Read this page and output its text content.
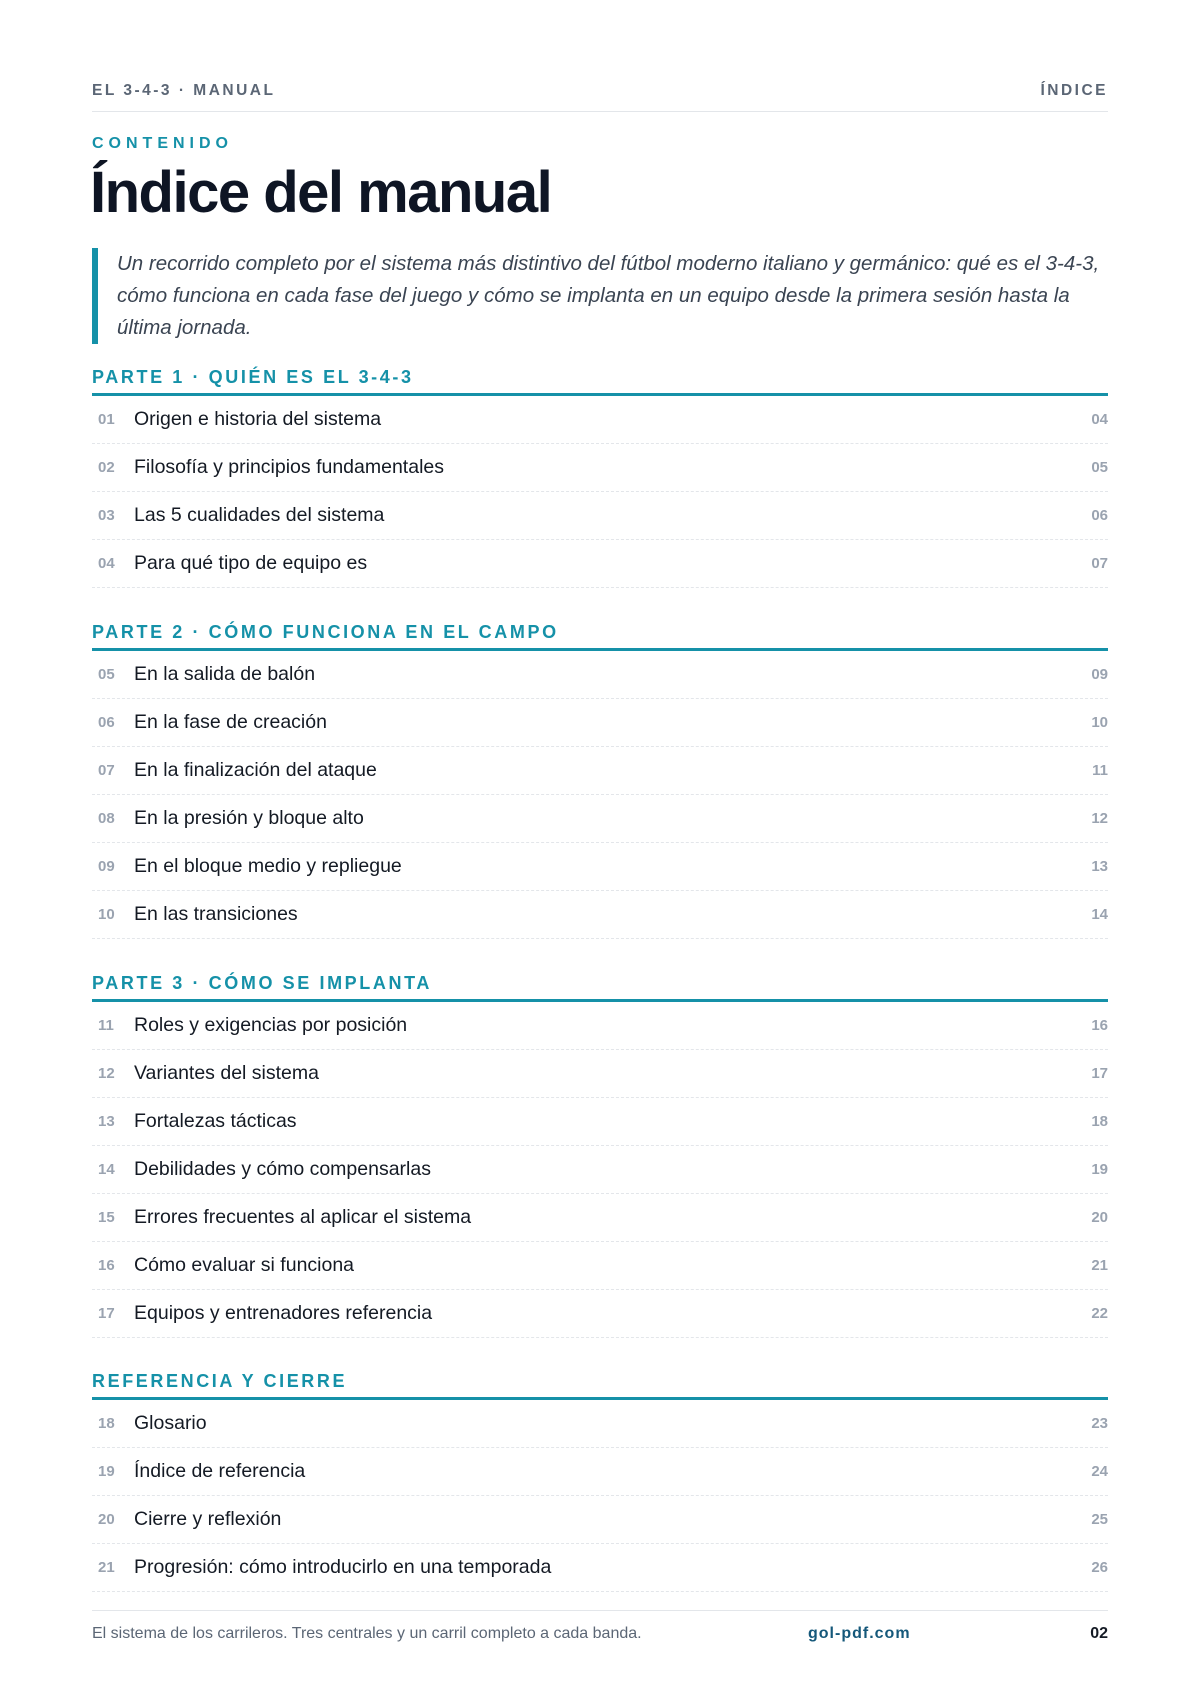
EL 3-4-3 · MANUAL	ÍNDICE
CONTENIDO
Índice del manual
Un recorrido completo por el sistema más distintivo del fútbol moderno italiano y germánico: qué es el 3-4-3, cómo funciona en cada fase del juego y cómo se implanta en un equipo desde la primera sesión hasta la última jornada.
PARTE 1 · QUIÉN ES EL 3-4-3
01 Origen e historia del sistema	04
02 Filosofía y principios fundamentales	05
03 Las 5 cualidades del sistema	06
04 Para qué tipo de equipo es	07
PARTE 2 · CÓMO FUNCIONA EN EL CAMPO
05 En la salida de balón	09
06 En la fase de creación	10
07 En la finalización del ataque	11
08 En la presión y bloque alto	12
09 En el bloque medio y repliegue	13
10 En las transiciones	14
PARTE 3 · CÓMO SE IMPLANTA
11	Roles y exigencias por posición	16
12 Variantes del sistema	17
13 Fortalezas tácticas	18
14 Debilidades y cómo compensarlas	19
15 Errores frecuentes al aplicar el sistema	20
16 Cómo evaluar si funciona	21
17 Equipos y entrenadores referencia	22
REFERENCIA Y CIERRE
18 Glosario	23
19 Índice de referencia	24
20 Cierre y reflexión	25
21 Progresión: cómo introducirlo en una temporada	26
El sistema de los carrileros. Tres centrales y un carril completo a cada banda.	gol-pdf.com	02
